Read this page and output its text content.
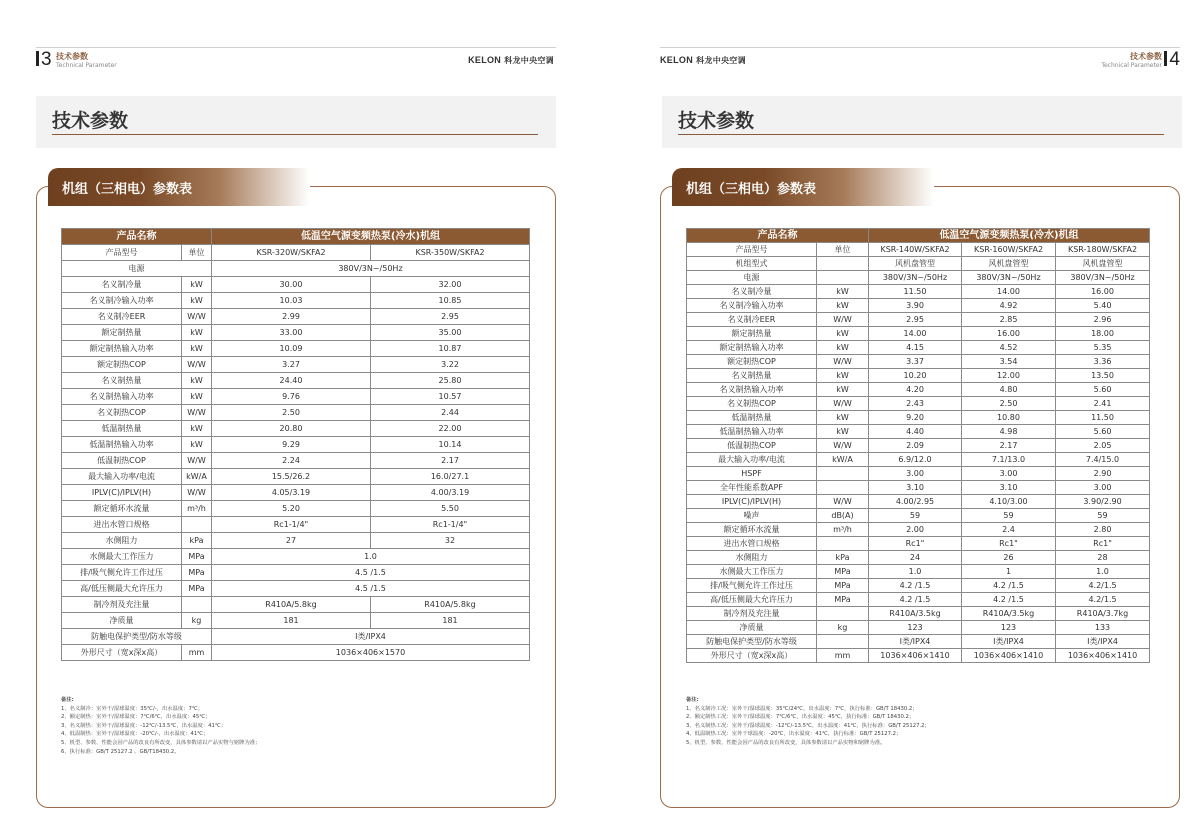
3 技术参数
Technical Parameter
KELON 科龙中央空调
技术参数
机组（三相电）参数表
产品名称		低温空气源变频热泵(冷水)机组	
产品型号	单位	KSR-320W/SKFA2	KSR-350W/SKFA2
电源		380V/3N~/50Hz	
名义制冷量	kW	30.00	32.00
名义制冷输入功率	kW	10.03	10.85
名义制冷EER	W/W	2.99	2.95
额定制热量	kW	33.00	35.00
额定制热输入功率	kW	10.09	10.87
额定制热COP	W/W	3.27	3.22
名义制热量	kW	24.40	25.80
名义制热输入功率	kW	9.76	10.57
名义制热COP	W/W	2.50	2.44
低温制热量	kW	20.80	22.00
低温制热输入功率	kW	9.29	10.14
低温制热COP	W/W	2.24	2.17
最大输入功率/电流	kW/A	15.5/26.2	16.0/27.1
IPLV(C)/IPLV(H)	W/W	4.05/3.19	4.00/3.19
额定循环水流量	m³/h	5.20	5.50
进出水管口规格		Rc1-1/4"	Rc1-1/4"
水侧阻力	kPa	27	32
水侧最大工作压力	MPa	1.0	
排/吸气侧允许工作过压	MPa	4.5 /1.5	
高/低压侧最大允许压力	MPa	4.5 /1.5	
制冷剂及充注量		R410A/5.8kg	R410A/5.8kg
净质量	kg	181	181
防触电保护类型/防水等级		I类/IPX4	
外形尺寸（宽x深x高）	mm	1036×406×1570	
备注:
1、名义制冷：室外干/湿球温度：35℃/-，出水温度：7℃；
2、额定制热：室外干/湿球温度：7℃/6℃，出水温度：45℃；
3、名义制热：室外干/湿球温度：-12℃/-13.5℃，出水温度：41℃；
4、低温制热：室外干/湿球温度：-20℃/-，出水温度：41℃；
5、机型、参数、性能会因产品的改良有所改变，具体参数请以产品实物与铭牌为准；
6、执行标准：GB/T 25127.2 、GB/T18430.2。
KELON 科龙中央空调	技术参数
Technical Parameter 4
技术参数
机组（三相电）参数表
产品名称		低温空气源变频热泵(冷水)机组		
产品型号	单位	KSR-140W/SKFA2	KSR-160W/SKFA2	KSR-180W/SKFA2
机组型式		风机盘管型	风机盘管型	风机盘管型
电源		380V/3N~/50Hz	380V/3N~/50Hz	380V/3N~/50Hz
名义制冷量	kW	11.50	14.00	16.00
名义制冷输入功率	kW	3.90	4.92	5.40
名义制冷EER	W/W	2.95	2.85	2.96
额定制热量	kW	14.00	16.00	18.00
额定制热输入功率	kW	4.15	4.52	5.35
额定制热COP	W/W	3.37	3.54	3.36
名义制热量	kW	10.20	12.00	13.50
名义制热输入功率	kW	4.20	4.80	5.60
名义制热COP	W/W	2.43	2.50	2.41
低温制热量	kW	9.20	10.80	11.50
低温制热输入功率	kW	4.40	4.98	5.60
低温制热COP	W/W	2.09	2.17	2.05
最大输入功率/电流	kW/A	6.9/12.0	7.1/13.0	7.4/15.0
HSPF		3.00	3.00	2.90
全年性能系数APF		3.10	3.10	3.00
IPLV(C)/IPLV(H)	W/W	4.00/2.95	4.10/3.00	3.90/2.90
噪声	dB(A)	59	59	59
额定循环水流量	m³/h	2.00	2.4	2.80
进出水管口规格		Rc1"	Rc1"	Rc1"
水侧阻力	kPa	24	26	28
水侧最大工作压力	MPa	1.0	1	1.0
排/吸气侧允许工作过压	MPa	4.2 /1.5	4.2 /1.5	4.2/1.5
高/低压侧最大允许压力	MPa	4.2 /1.5	4.2 /1.5	4.2/1.5
制冷剂及充注量		R410A/3.5kg	R410A/3.5kg	R410A/3.7kg
净质量	kg	123	123	133
防触电保护类型/防水等级		I类/IPX4	I类/IPX4	I类/IPX4
外形尺寸（宽x深x高）	mm	1036×406×1410	1036×406×1410	1036×406×1410
备注:
1、名义制冷工况：室外干/湿球温度：35℃/24℃，出水温度：7℃，执行标准：GB/T 18430.2；
2、额定制热工况：室外干/湿球温度：7℃/6℃，出水温度：45℃，执行标准：GB/T 18430.2；
3、名义制热工况：室外干/湿球温度：-12℃/-13.5℃，出水温度：41℃，执行标准：GB/T 25127.2；
4、低温制热工况：室外干球温度：-20℃，出水温度：41℃，执行标准：GB/T 25127.2；
5、机型、参数、性能会因产品的改良有所改变，具体参数请以产品实物和铭牌为准。
